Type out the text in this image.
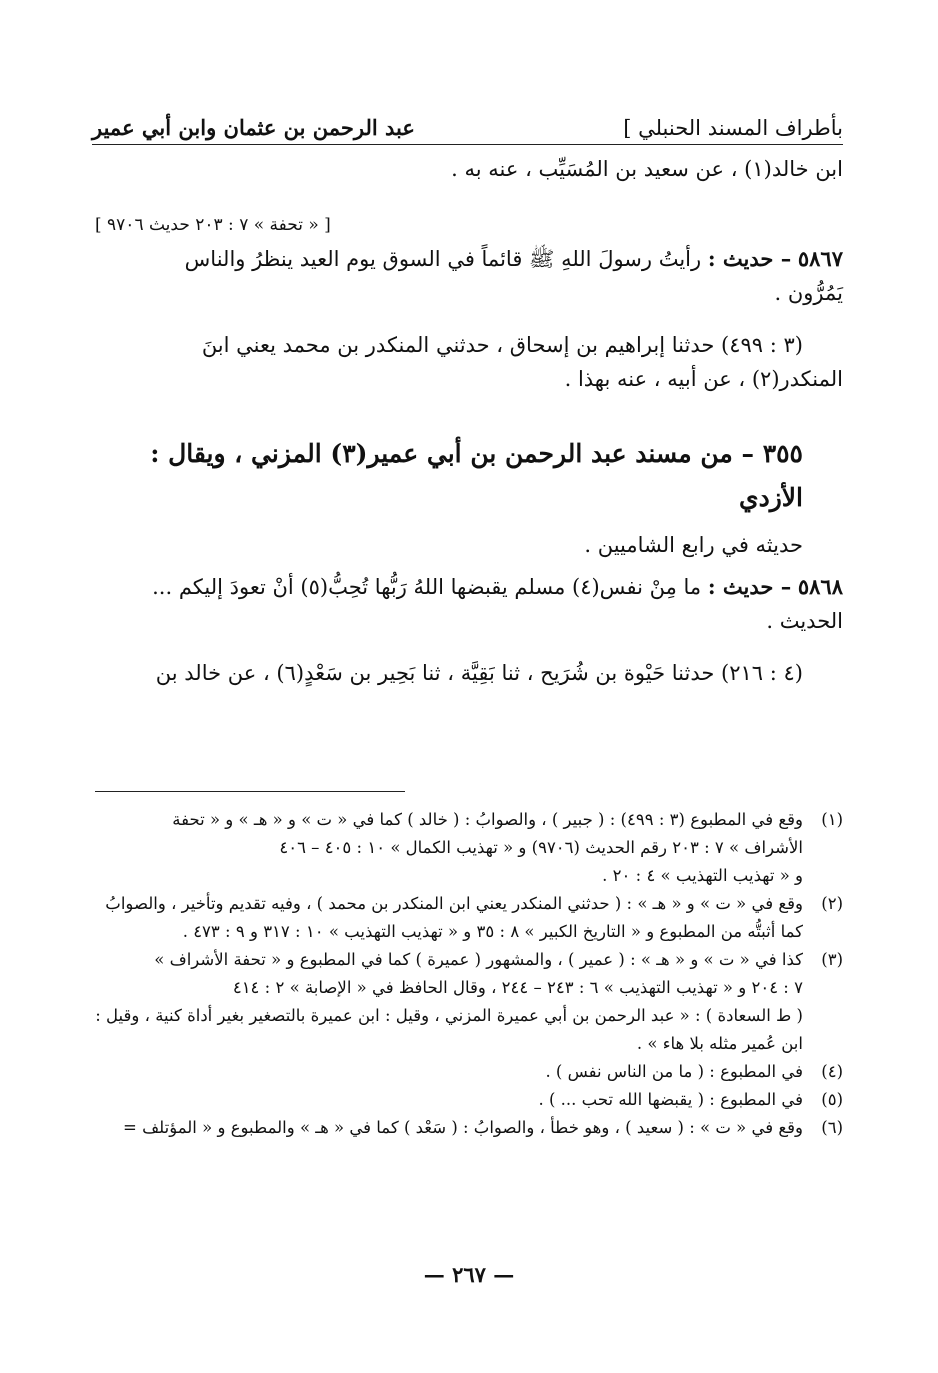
بأطراف المسند الحنبلي ]
عبد الرحمن بن عثمان وابن أبي عمير
ابن خالد(١) ، عن سعيد بن المُسَيِّب ، عنه به .
[ « تحفة » ٧ : ٢٠٣ حديث ٩٧٠٦ ]
٥٨٦٧ – حديث : رأيتُ رسولَ اللهِ ﷺ قائماً في السوق يوم العيد ينظرُ والناس
يَمُرُّون .
(٣ : ٤٩٩) حدثنا إبراهيم بن إسحاق ، حدثني المنكدر بن محمد يعني ابنَ
المنكدر(٢) ، عن أبيه ، عنه بهذا .
٣٥٥ – من مسند عبد الرحمن بن أبي عمير(٣) المزني ، ويقال : الأزدي
حديثه في رابع الشاميين .
٥٨٦٨ – حديث : ما مِنْ نفس(٤) مسلم يقبضها اللهُ رَبُّها تُحِبُّ(٥) أنْ تعودَ إليكم ...
الحديث .
(٤ : ٢١٦) حدثنا حَيْوة بن شُرَيح ، ثنا بَقِيَّة ، ثنا بَحِير بن سَعْدٍ(٦) ، عن خالد بن
(١)
وقع في المطبوع (٣ : ٤٩٩) : ( جبير ) ، والصوابُ : ( خالد ) كما في « ت » و « هـ » و « تحفة
الأشراف » ٧ : ٢٠٣ رقم الحديث (٩٧٠٦) و « تهذيب الكمال » ١٠ : ٤٠٥ – ٤٠٦
و « تهذيب التهذيب » ٤ : ٢٠ .
(٢)
وقع في « ت » و « هـ » : ( حدثني المنكدر يعني ابن المنكدر بن محمد ) ، وفيه تقديم وتأخير ، والصوابُ
كما أثبتُّه من المطبوع و « التاريخ الكبير » ٨ : ٣٥ و « تهذيب التهذيب » ١٠ : ٣١٧ و ٩ : ٤٧٣ .
(٣)
كذا في « ت » و « هـ » : ( عمير ) ، والمشهور ( عميرة ) كما في المطبوع و « تحفة الأشراف »
٧ : ٢٠٤ و « تهذيب التهذيب » ٦ : ٢٤٣ – ٢٤٤ ، وقال الحافظ في « الإصابة » ٢ : ٤١٤
( ط السعادة ) : « عبد الرحمن بن أبي عميرة المزني ، وقيل : ابن عميرة بالتصغير بغير أداة كنية ، وقيل :
ابن عُمير مثله بلا هاء » .
(٤)
في المطبوع : ( ما من الناس نفس ) .
(٥)
في المطبوع : ( يقبضها الله تحب ... ) .
(٦)
وقع في « ت » : ( سعيد ) ، وهو خطأ ، والصوابُ : ( سَعْد ) كما في « هـ » والمطبوع و « المؤتلف =
— ٢٦٧ —
